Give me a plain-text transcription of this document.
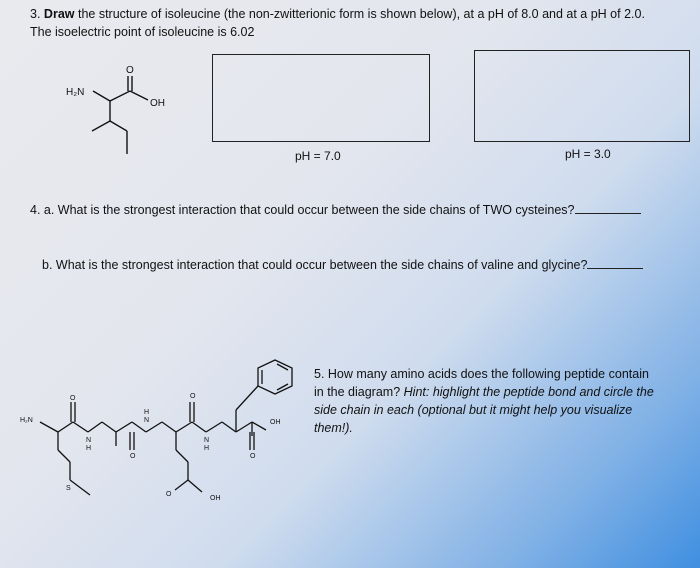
3. Draw the structure of isoleucine (the non-zwitterionic form is shown below), at a pH of 8.0 and at a pH of 2.0.
The isoelectric point of isoleucine is 6.02
H₂N
O
OH
pH = 7.0	pH = 3.0
4. a. What is the strongest interaction that could occur between the side chains of TWO cysteines?
b. What is the strongest interaction that could occur between the side chains of valine and glycine?
5. How many amino acids does the following peptide contain
in the diagram? Hint: highlight the peptide bond and circle the
side chain in each (optional but it might help you visualize
them!).
H₂N
O
N
H
O
H
N
O
N
H
O
OH
OH
O
S
